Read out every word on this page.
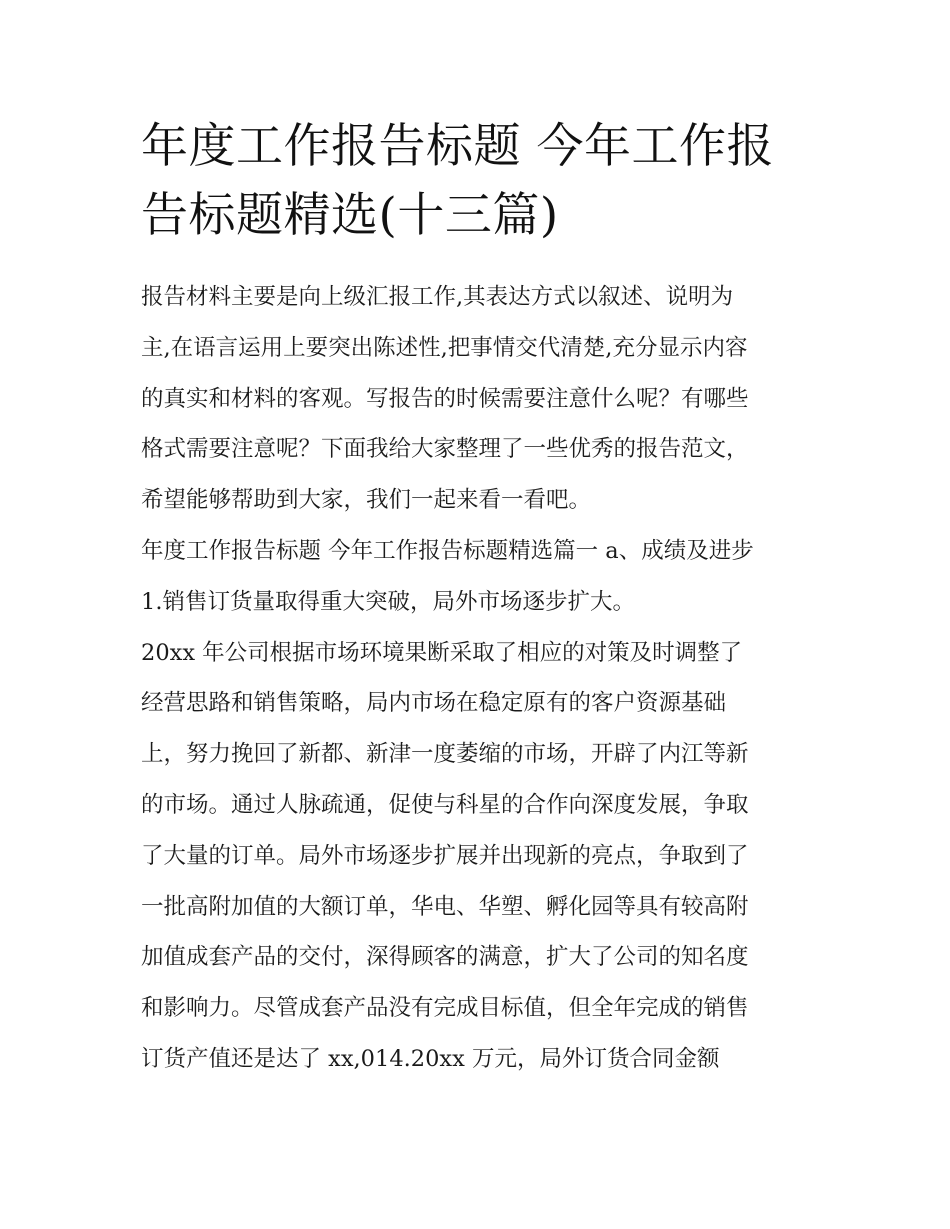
年度工作报告标题 今年工作报
告标题精选(十三篇)

报告材料主要是向上级汇报工作,其表达方式以叙述、说明为
主,在语言运用上要突出陈述性,把事情交代清楚,充分显示内容
的真实和材料的客观。写报告的时候需要注意什么呢？有哪些
格式需要注意呢？下面我给大家整理了一些优秀的报告范文，
希望能够帮助到大家，我们一起来看一看吧。

年度工作报告标题 今年工作报告标题精选篇一 a、成绩及进步

1.销售订货量取得重大突破，局外市场逐步扩大。

20xx 年公司根据市场环境果断采取了相应的对策及时调整了
经营思路和销售策略，局内市场在稳定原有的客户资源基础
上，努力挽回了新都、新津一度萎缩的市场，开辟了内江等新
的市场。通过人脉疏通，促使与科星的合作向深度发展，争取
了大量的订单。局外市场逐步扩展并出现新的亮点，争取到了
一批高附加值的大额订单，华电、华塑、孵化园等具有较高附
加值成套产品的交付，深得顾客的满意，扩大了公司的知名度
和影响力。尽管成套产品没有完成目标值，但全年完成的销售
订货产值还是达了 xx,014.20xx 万元，局外订货合同金额
